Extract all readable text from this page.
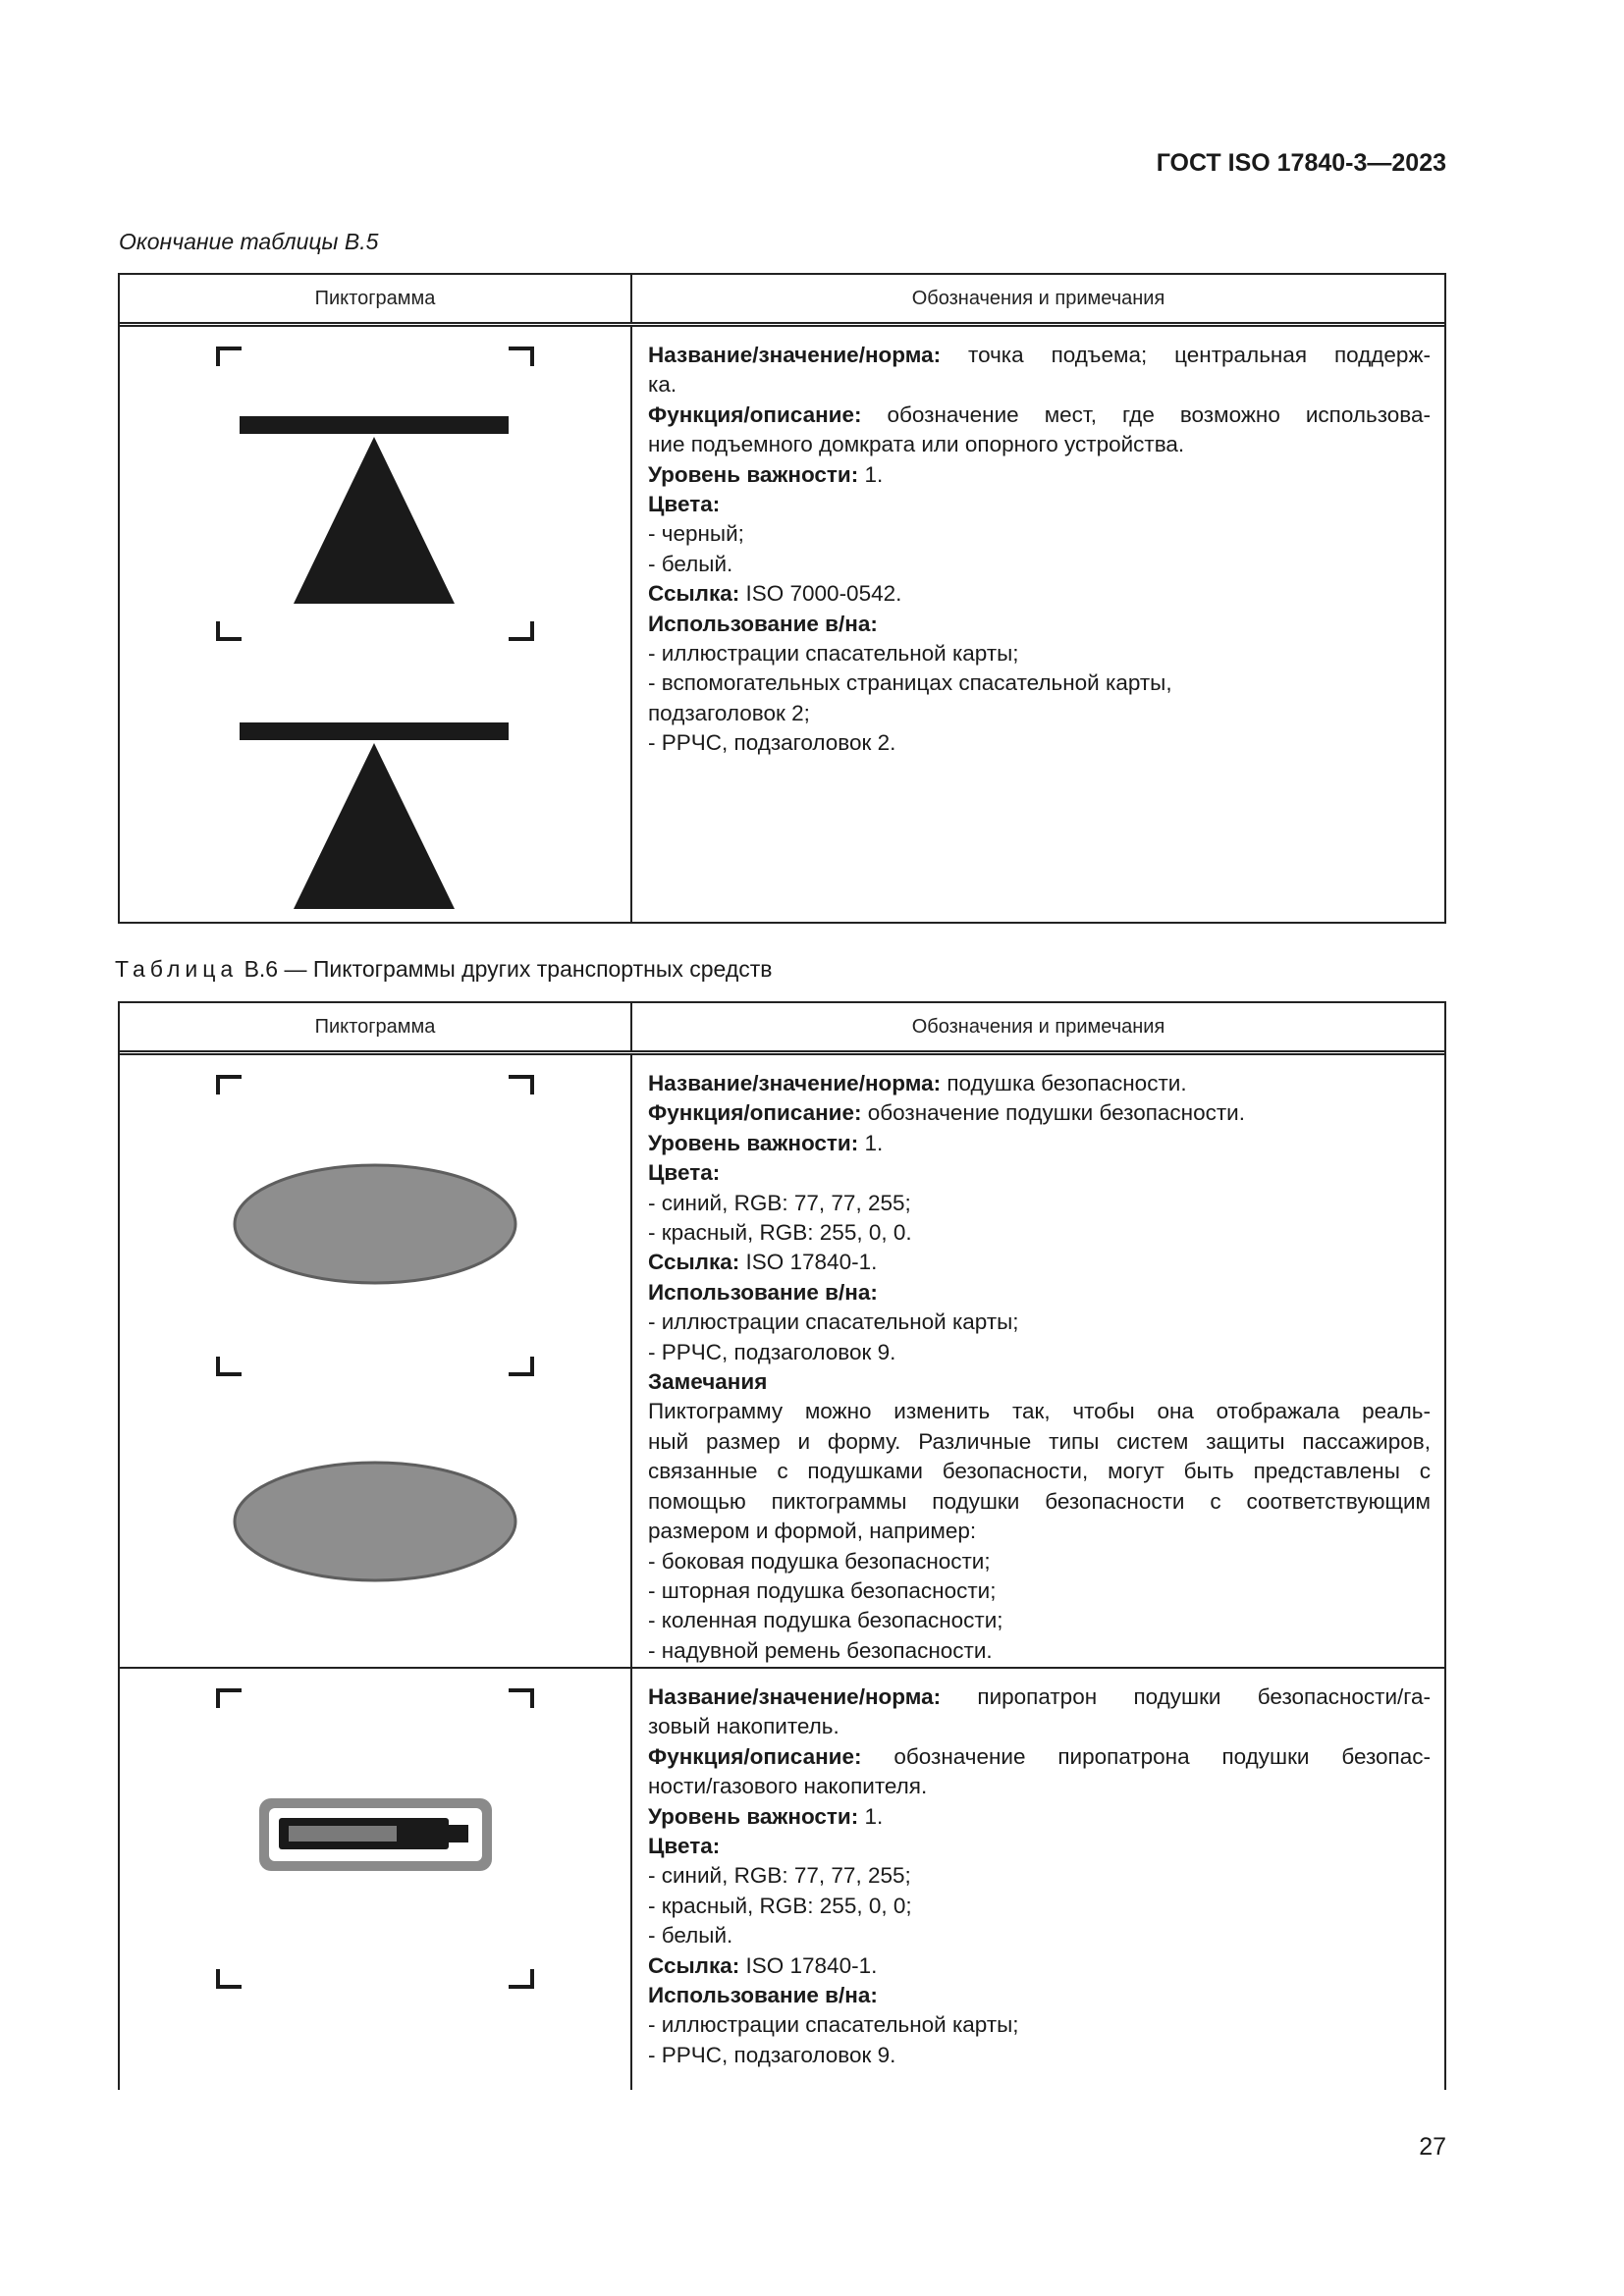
ГОСТ ISO 17840-3—2023
Окончание таблицы B.5
Пиктограмма	Обозначения и примечания

Название/значение/норма: точка подъема; центральная поддерж-

ка.

Функция/описание: обозначение мест, где возможно использова-

ние подъемного домкрата или опорного устройства.

Уровень важности: 1.

Цвета:

- черный;

- белый.

Ссылка: ISO 7000-0542.

Использование в/на:

- иллюстрации спасательной карты;

- вспомогательных страницах спасательной карты,

подзаголовок 2;

- РРЧС, подзаголовок 2.

Таблица В.6 — Пиктограммы других транспортных средств
Пиктограмма	Обозначения и примечания

Название/значение/норма: подушка безопасности.

Функция/описание: обозначение подушки безопасности.

Уровень важности: 1.

Цвета:

- синий, RGB: 77, 77, 255;

- красный, RGB: 255, 0, 0.

Ссылка: ISO 17840-1.

Использование в/на:

- иллюстрации спасательной карты;

- РРЧС, подзаголовок 9.

Замечания

Пиктограмму можно изменить так, чтобы она отображала реаль-

ный размер и форму. Различные типы систем защиты пассажиров,

связанные с подушками безопасности, могут быть представлены с

помощью пиктограммы подушки безопасности с соответствующим

размером и формой, например:

- боковая подушка безопасности;

- шторная подушка безопасности;

- коленная подушка безопасности;

- надувной ремень безопасности.

Название/значение/норма: пиропатрон подушки безопасности/га-

зовый накопитель.

Функция/описание: обозначение пиропатрона подушки безопас-

ности/газового накопителя.

Уровень важности: 1.

Цвета:

- синий, RGB: 77, 77, 255;

- красный, RGB: 255, 0, 0;

- белый.

Ссылка: ISO 17840-1.

Использование в/на:

- иллюстрации спасательной карты;

- РРЧС, подзаголовок 9.

27
